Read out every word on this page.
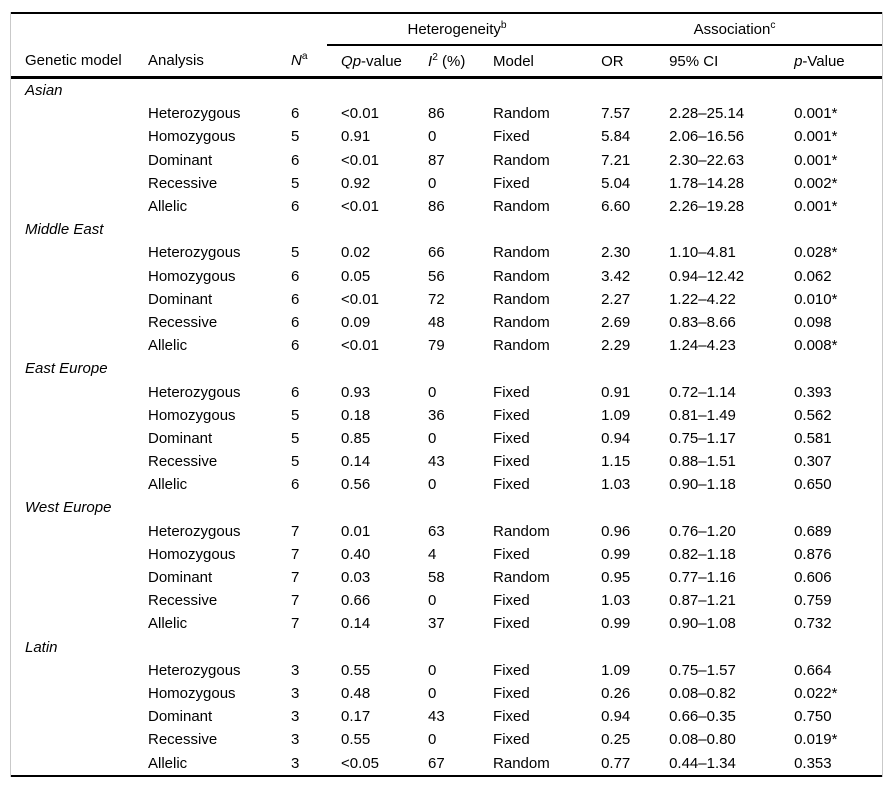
			Heterogeneity$^b$			Association$^c$
Genetic model	Analysis	$N^a$	Qp-value	$I^2$ (%)	Model	OR	95% CI	p-Value
Asian								
	Heterozygous	6	<0.01	86	Random	7.57	2.28–25.14	0.001*
	Homozygous	5	0.91	0	Fixed	5.84	2.06–16.56	0.001*
	Dominant	6	<0.01	87	Random	7.21	2.30–22.63	0.001*
	Recessive	5	0.92	0	Fixed	5.04	1.78–14.28	0.002*
	Allelic	6	<0.01	86	Random	6.60	2.26–19.28	0.001*
Middle East								
	Heterozygous	5	0.02	66	Random	2.30	1.10–4.81	0.028*
	Homozygous	6	0.05	56	Random	3.42	0.94–12.42	0.062
	Dominant	6	<0.01	72	Random	2.27	1.22–4.22	0.010*
	Recessive	6	0.09	48	Random	2.69	0.83–8.66	0.098
	Allelic	6	<0.01	79	Random	2.29	1.24–4.23	0.008*
East Europe								
	Heterozygous	6	0.93	0	Fixed	0.91	0.72–1.14	0.393
	Homozygous	5	0.18	36	Fixed	1.09	0.81–1.49	0.562
	Dominant	5	0.85	0	Fixed	0.94	0.75–1.17	0.581
	Recessive	5	0.14	43	Fixed	1.15	0.88–1.51	0.307
	Allelic	6	0.56	0	Fixed	1.03	0.90–1.18	0.650
West Europe								
	Heterozygous	7	0.01	63	Random	0.96	0.76–1.20	0.689
	Homozygous	7	0.40	4	Fixed	0.99	0.82–1.18	0.876
	Dominant	7	0.03	58	Random	0.95	0.77–1.16	0.606
	Recessive	7	0.66	0	Fixed	1.03	0.87–1.21	0.759
	Allelic	7	0.14	37	Fixed	0.99	0.90–1.08	0.732
Latin								
	Heterozygous	3	0.55	0	Fixed	1.09	0.75–1.57	0.664
	Homozygous	3	0.48	0	Fixed	0.26	0.08–0.82	0.022*
	Dominant	3	0.17	43	Fixed	0.94	0.66–0.35	0.750
	Recessive	3	0.55	0	Fixed	0.25	0.08–0.80	0.019*
	Allelic	3	<0.05	67	Random	0.77	0.44–1.34	0.353
